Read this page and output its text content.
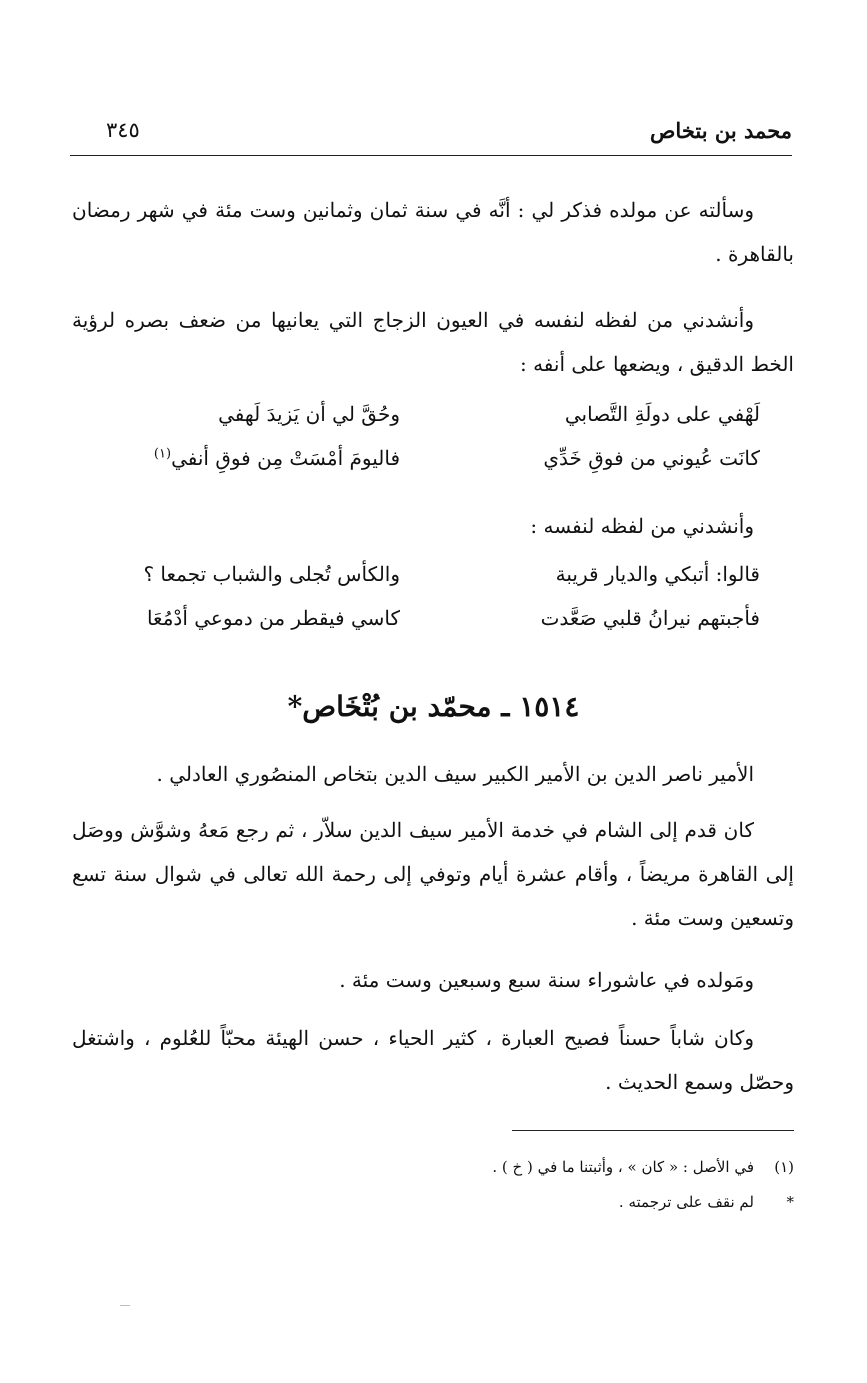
محمد بن بتخاص
٣٤٥
وسألته عن مولده فذكر لي : أنَّه في سنة ثمان وثمانين وست مئة في شهر رمضان بالقاهرة .
وأنشدني من لفظه لنفسه في العيون الزجاج التي يعانيها من ضعف بصره لرؤية الخط الدقيق ، ويضعها على أنفه :
لَهْفي على دولَةِ التَّصابي
وحُقَّ لي أن يَزيدَ لَهفي
كانَت عُيوني من فوقِ خَدِّي
فاليومَ أمْسَتْ مِن فوقِ أنفي$^{(١)}$
وأنشدني من لفظه لنفسه :
قالوا: أتبكي والديار قريبة
والكأس تُجلى والشباب تجمعا ؟
فأجبتهم نيرانُ قلبي صَعَّدت
كاسي فيقطر من دموعي أدْمُعَا
١٥١٤ ـ محمّد بن بُتْخَاص*
الأمير ناصر الدين بن الأمير الكبير سيف الدين بتخاص المنصُوري العادلي .
كان قدم إلى الشام في خدمة الأمير سيف الدين سلاّر ، ثم رجع مَعهُ وشوَّش ووصَل إلى القاهرة مريضاً ، وأقام عشرة أيام وتوفي إلى رحمة الله تعالى في شوال سنة تسع وتسعين وست مئة .
ومَولده في عاشوراء سنة سبع وسبعين وست مئة .
وكان شاباً حسناً فصيح العبارة ، كثير الحياء ، حسن الهيئة محبّاً للعُلوم ، واشتغل وحصّل وسمع الحديث .
(١)في الأصل : « كان » ، وأثبتنا ما في ( خ ) .
*لم نقف على ترجمته .
